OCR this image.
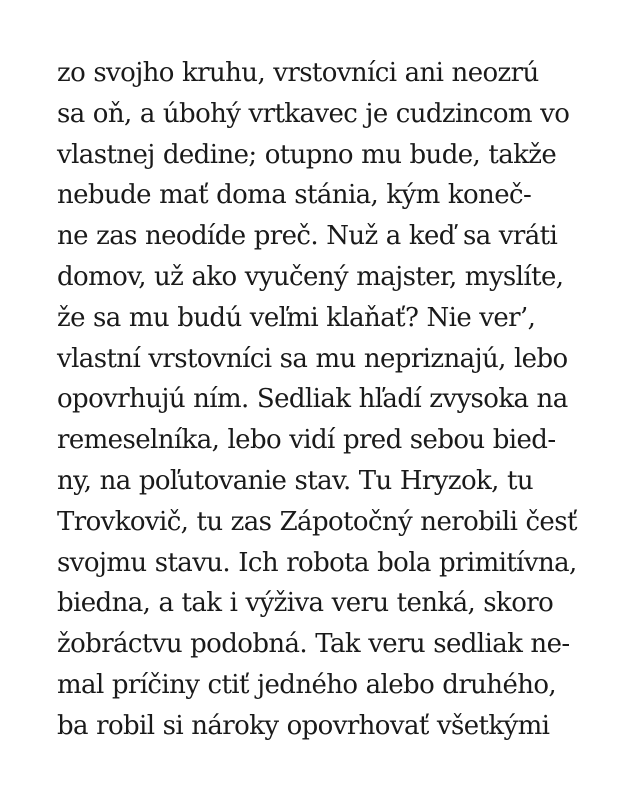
zo svojho kruhu, vrstovníci ani neozrú
sa oň, a úbohý vrtkavec je cudzincom vo
vlastnej dedine; otupno mu bude, takže
nebude mať doma stánia, kým koneč-
ne zas neodíde preč. Nuž a keď sa vráti
domov, už ako vyučený majster, myslíte,
že sa mu budú veľmi klaňať? Nie ver’,
vlastní vrstovníci sa mu nepriznajú, lebo
opovrhujú ním. Sedliak hľadí zvysoka na
remeselníka, lebo vidí pred sebou bied-
ny, na poľutovanie stav. Tu Hryzok, tu
Trovkovič, tu zas Zápotočný nerobili česť
svojmu stavu. Ich robota bola primitívna,
biedna, a tak i výživa veru tenká, skoro
žobráctvu podobná. Tak veru sedliak ne-
mal príčiny ctiť jedného alebo druhého,
ba robil si nároky opovrhovať všetkými
